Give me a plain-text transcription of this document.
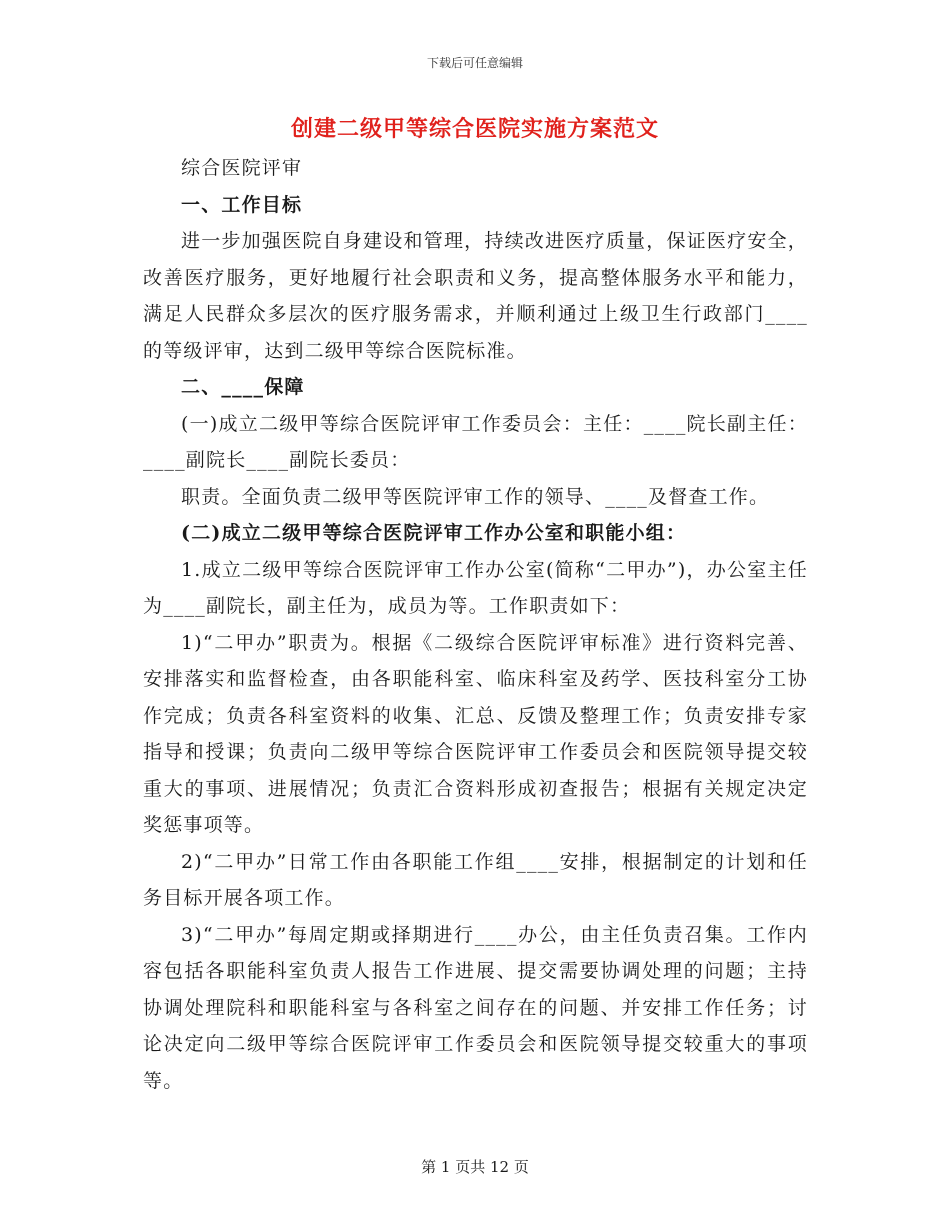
下载后可任意编辑
创建二级甲等综合医院实施方案范文

综合医院评审

一、工作目标

进一步加强医院自身建设和管理，持续改进医疗质量，保证医疗安全，改善医疗服务，更好地履行社会职责和义务，提高整体服务水平和能力，满足人民群众多层次的医疗服务需求，并顺利通过上级卫生行政部门____的等级评审，达到二级甲等综合医院标准。

二、____保障

(一)成立二级甲等综合医院评审工作委员会：主任：____院长副主任：____副院长____副院长委员：

职责。全面负责二级甲等医院评审工作的领导、____及督查工作。

(二)成立二级甲等综合医院评审工作办公室和职能小组：

1.成立二级甲等综合医院评审工作办公室(简称“二甲办”)，办公室主任为____副院长，副主任为，成员为等。工作职责如下：

1)“二甲办”职责为。根据《二级综合医院评审标准》进行资料完善、安排落实和监督检查，由各职能科室、临床科室及药学、医技科室分工协作完成；负责各科室资料的收集、汇总、反馈及整理工作；负责安排专家指导和授课；负责向二级甲等综合医院评审工作委员会和医院领导提交较重大的事项、进展情况；负责汇合资料形成初查报告；根据有关规定决定奖惩事项等。

2)“二甲办”日常工作由各职能工作组____安排，根据制定的计划和任务目标开展各项工作。

3)“二甲办”每周定期或择期进行____办公，由主任负责召集。工作内容包括各职能科室负责人报告工作进展、提交需要协调处理的问题；主持协调处理院科和职能科室与各科室之间存在的问题、并安排工作任务；讨论决定向二级甲等综合医院评审工作委员会和医院领导提交较重大的事项等。

第 1 页共 12 页
